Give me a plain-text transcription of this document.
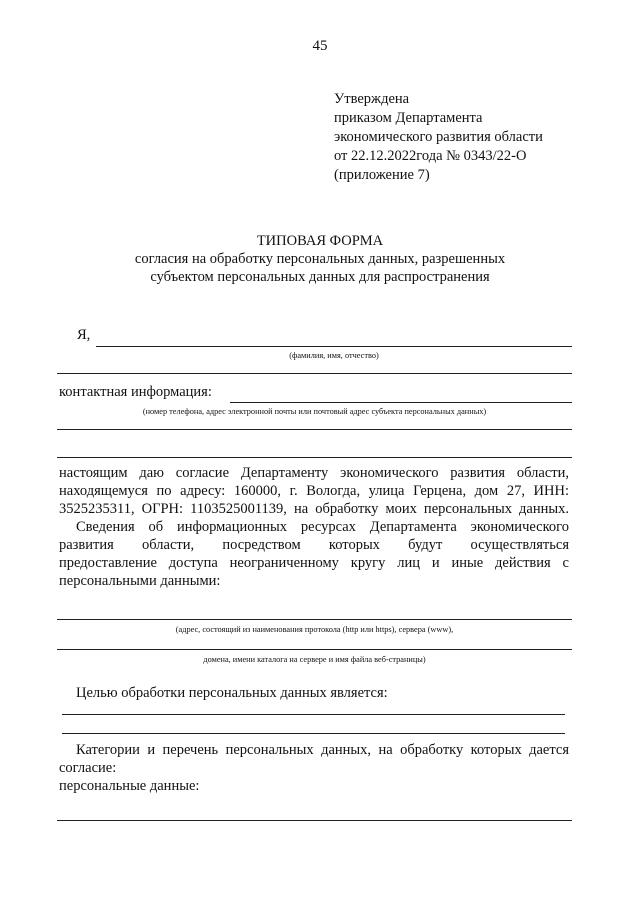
45
Утверждена
приказом Департамента
экономического развития области
от 22.12.2022года № 0343/22-О
(приложение 7)
ТИПОВАЯ ФОРМА
согласия на обработку персональных данных, разрешенных
субъектом персональных данных для распространения
Я,
(фамилия, имя, отчество)
контактная информация:
(номер телефона, адрес электронной почты или почтовый адрес субъекта персональных данных)
настоящим даю согласие Департаменту экономического развития области,
находящемуся по адресу: 160000, г. Вологда, улица Герцена, дом 27, ИНН:
3525235311, ОГРН: 1103525001139, на обработку моих персональных данных.
Сведения об информационных ресурсах Департамента экономического
развития области, посредством которых будут осуществляться
предоставление доступа неограниченному кругу лиц и иные действия с
персональными данными:
(адрес, состоящий из наименования протокола (http или https), сервера (www),
домена, имени каталога на сервере и имя файла веб-страницы)
Целью обработки персональных данных является:
Категории и перечень персональных данных, на обработку которых дается
согласие:
персональные данные:
